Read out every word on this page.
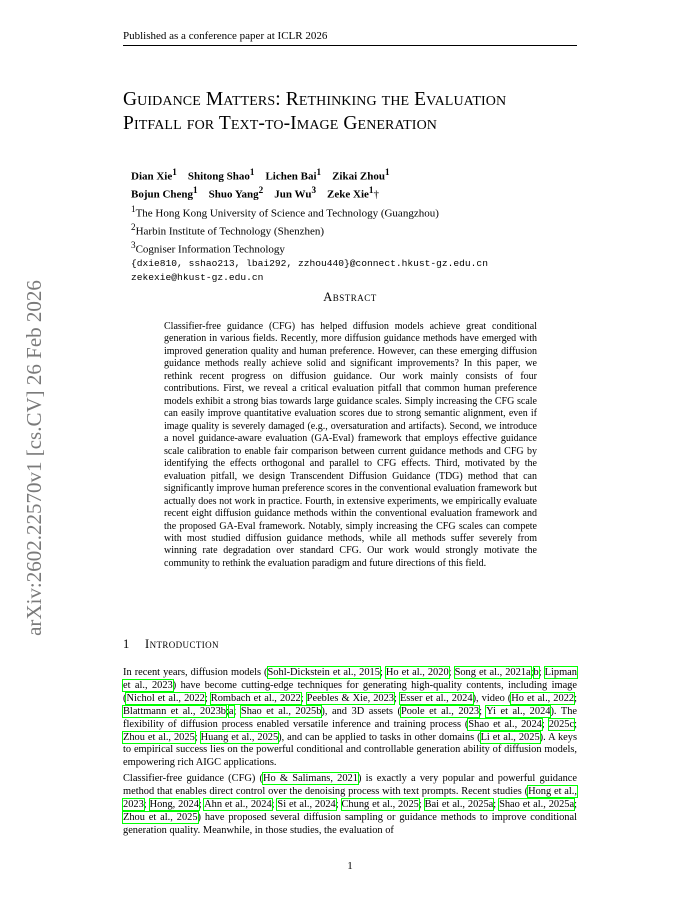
Published as a conference paper at ICLR 2026
Guidance Matters: Rethinking the Evaluation
Pitfall for Text-to-Image Generation
arXiv:2602.22570v1 [cs.CV] 26 Feb 2026
Dian Xie$^1$ Shitong Shao$^1$ Lichen Bai$^1$ Zikai Zhou$^1$
Bojun Cheng$^1$ Shuo Yang$^2$ Jun Wu$^3$ Zeke Xie$^1$†
$^1$The Hong Kong University of Science and Technology (Guangzhou)
$^2$Harbin Institute of Technology (Shenzhen)
$^3$Cogniser Information Technology
{dxie810, sshao213, lbai292, zzhou440}@connect.hkust-gz.edu.cn
zekexie@hkust-gz.edu.cn
Abstract
Classifier-free guidance (CFG) has helped diffusion models achieve great conditional generation in various fields. Recently, more diffusion guidance methods have emerged with improved generation quality and human preference. However, can these emerging diffusion guidance methods really achieve solid and significant improvements? In this paper, we rethink recent progress on diffusion guidance. Our work mainly consists of four contributions. First, we reveal a critical evaluation pitfall that common human preference models exhibit a strong bias towards large guidance scales. Simply increasing the CFG scale can easily improve quantitative evaluation scores due to strong semantic alignment, even if image quality is severely damaged (e.g., oversaturation and artifacts). Second, we introduce a novel guidance-aware evaluation (GA-Eval) framework that employs effective guidance scale calibration to enable fair comparison between current guidance methods and CFG by identifying the effects orthogonal and parallel to CFG effects. Third, motivated by the evaluation pitfall, we design Transcendent Diffusion Guidance (TDG) method that can significantly improve human preference scores in the conventional evaluation framework but actually does not work in practice. Fourth, in extensive experiments, we empirically evaluate recent eight diffusion guidance methods within the conventional evaluation framework and the proposed GA-Eval framework. Notably, simply increasing the CFG scales can compete with most studied diffusion guidance methods, while all methods suffer severely from winning rate degradation over standard CFG. Our work would strongly motivate the community to rethink the evaluation paradigm and future directions of this field.
1 Introduction
In recent years, diffusion models (Sohl-Dickstein et al., 2015; Ho et al., 2020; Song et al., 2021a;b; Lipman et al., 2023) have become cutting-edge techniques for generating high-quality contents, including image (Nichol et al., 2022; Rombach et al., 2022; Peebles & Xie, 2023; Esser et al., 2024), video (Ho et al., 2022; Blattmann et al., 2023b;a; Shao et al., 2025b), and 3D assets (Poole et al., 2023; Yi et al., 2024). The flexibility of diffusion process enabled versatile inference and training process (Shao et al., 2024; 2025c; Zhou et al., 2025; Huang et al., 2025), and can be applied to tasks in other domains (Li et al., 2025). A keys to empirical success lies on the powerful conditional and controllable generation ability of diffusion models, empowering rich AIGC applications.
Classifier-free guidance (CFG) (Ho & Salimans, 2021) is exactly a very popular and powerful guidance method that enables direct control over the denoising process with text prompts. Recent studies (Hong et al., 2023; Hong, 2024; Ahn et al., 2024; Si et al., 2024; Chung et al., 2025; Bai et al., 2025a; Shao et al., 2025a; Zhou et al., 2025) have proposed several diffusion sampling or guidance methods to improve conditional generation quality. Meanwhile, in those studies, the evaluation of
1
